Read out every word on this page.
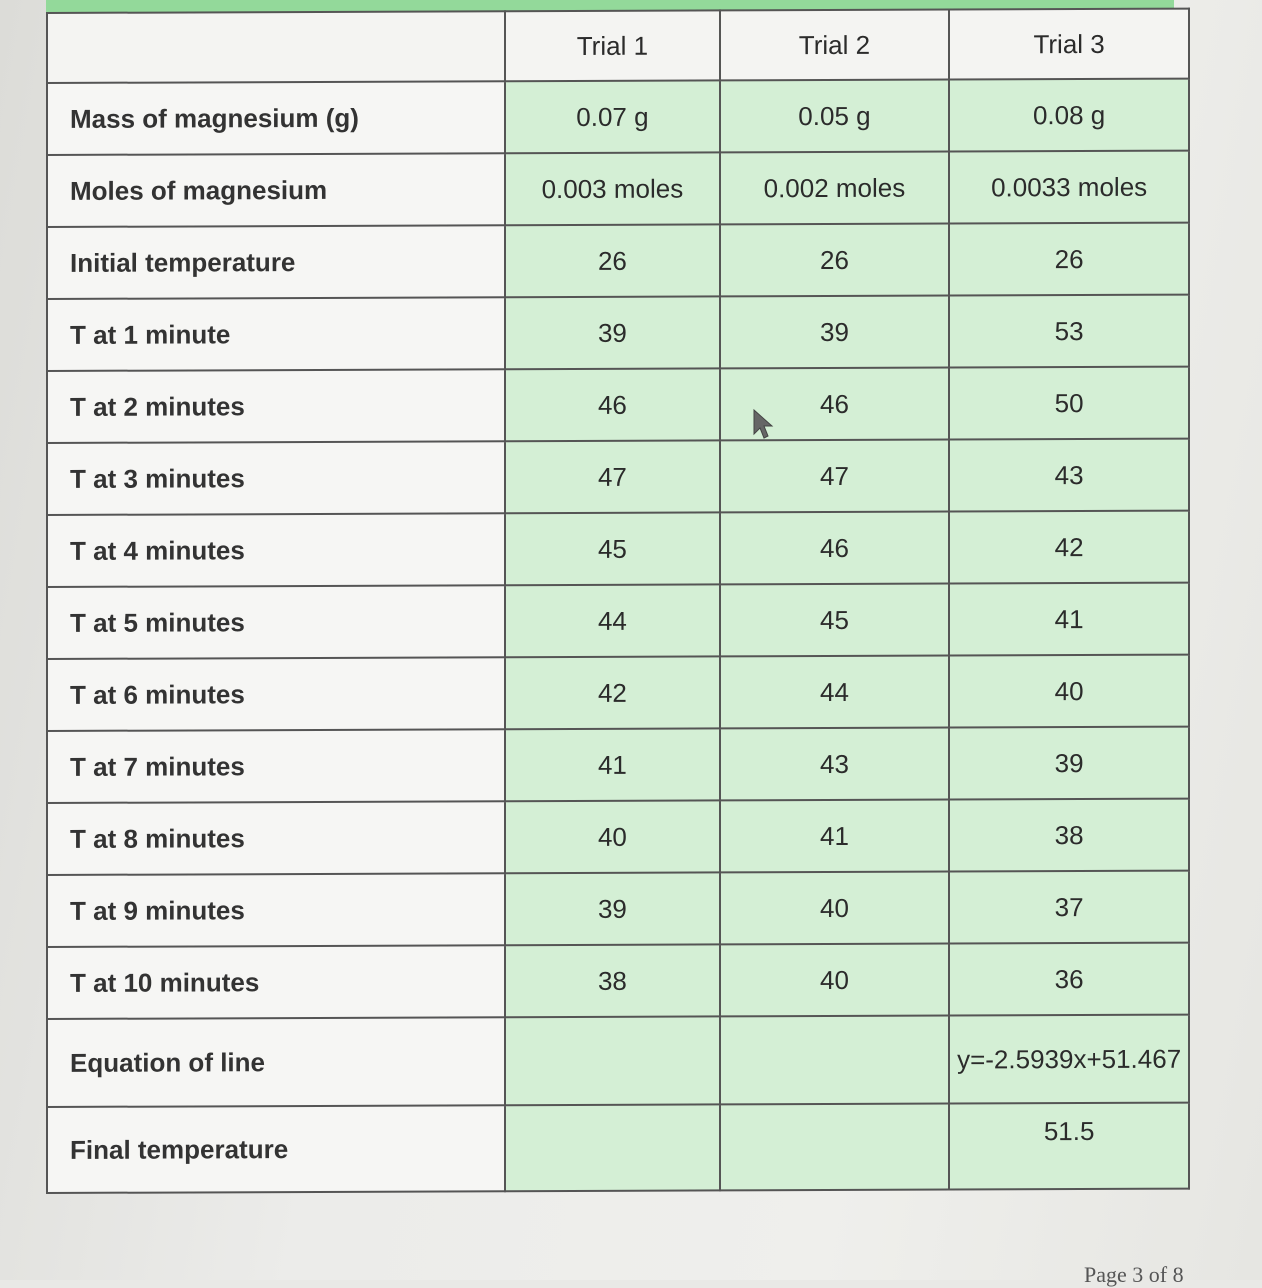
	Trial 1	Trial 2	Trial 3
Mass of magnesium (g)	0.07 g	0.05 g	0.08 g
Moles of magnesium	0.003 moles	0.002 moles	0.0033 moles
Initial temperature	26	26	26
T at 1 minute	39	39	53
T at 2 minutes	46	46	50
T at 3 minutes	47	47	43
T at 4 minutes	45	46	42
T at 5 minutes	44	45	41
T at 6 minutes	42	44	40
T at 7 minutes	41	43	39
T at 8 minutes	40	41	38
T at 9 minutes	39	40	37
T at 10 minutes	38	40	36
Equation of line			y=-2.5939x+51.467
Final temperature			51.5
Page 3 of 8
